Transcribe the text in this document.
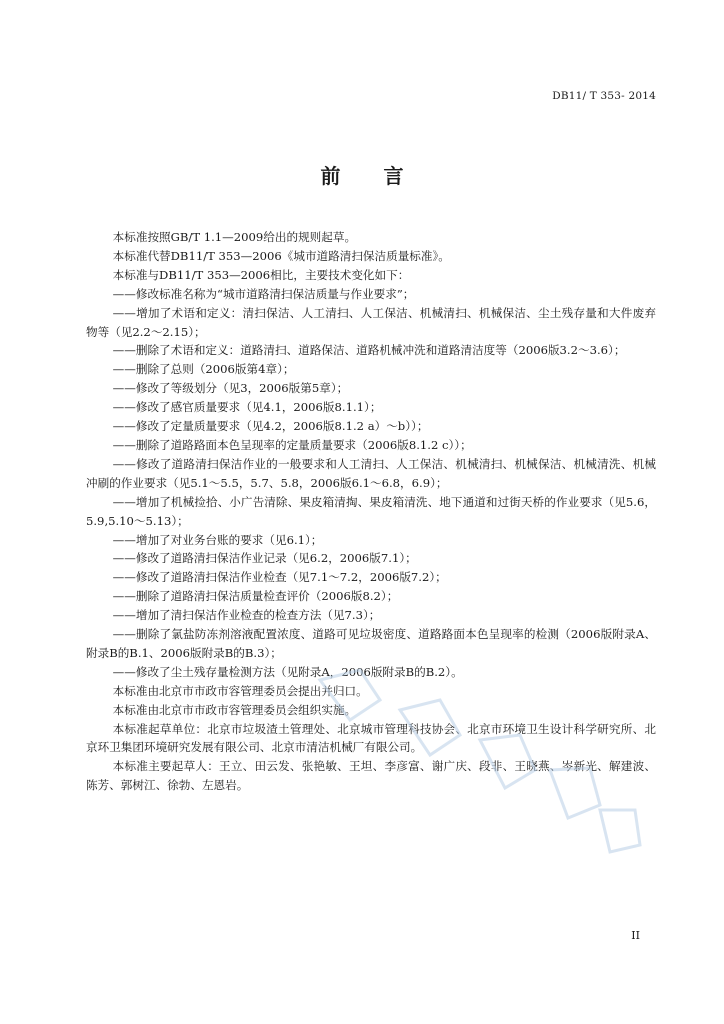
DB11/ T 353- 2014
前 言

本标准按照GB/T 1.1—2009给出的规则起草。

本标准代替DB11/T 353—2006《城市道路清扫保洁质量标准》。

本标准与DB11/T 353—2006相比，主要技术变化如下：

——修改标准名称为“城市道路清扫保洁质量与作业要求”；

——增加了术语和定义：清扫保洁、人工清扫、人工保洁、机械清扫、机械保洁、尘土残存量和大件废弃物等（见2.2～2.15）；

——删除了术语和定义：道路清扫、道路保洁、道路机械冲洗和道路清洁度等（2006版3.2～3.6）；

——删除了总则（2006版第4章）；

——修改了等级划分（见3，2006版第5章）；

——修改了感官质量要求（见4.1，2006版8.1.1）；

——修改了定量质量要求（见4.2，2006版8.1.2 a）～b））；

——删除了道路路面本色呈现率的定量质量要求（2006版8.1.2 c））；

——修改了道路清扫保洁作业的一般要求和人工清扫、人工保洁、机械清扫、机械保洁、机械清洗、机械冲刷的作业要求（见5.1～5.5，5.7、5.8，2006版6.1～6.8，6.9）；

——增加了机械捡拾、小广告清除、果皮箱清掏、果皮箱清洗、地下通道和过街天桥的作业要求（见5.6，5.9,5.10～5.13）；

——增加了对业务台账的要求（见6.1）；

——修改了道路清扫保洁作业记录（见6.2，2006版7.1）；

——修改了道路清扫保洁作业检查（见7.1～7.2，2006版7.2）；

——删除了道路清扫保洁质量检查评价（2006版8.2）；

——增加了清扫保洁作业检查的检查方法（见7.3）；

——删除了氯盐防冻剂溶液配置浓度、道路可见垃圾密度、道路路面本色呈现率的检测（2006版附录A、附录B的B.1、2006版附录B的B.3）；

——修改了尘土残存量检测方法（见附录A，2006版附录B的B.2）。

本标准由北京市市政市容管理委员会提出并归口。

本标准由北京市市政市容管理委员会组织实施。

本标准起草单位：北京市垃圾渣土管理处、北京城市管理科技协会、北京市环境卫生设计科学研究所、北京环卫集团环境研究发展有限公司、北京市清洁机械厂有限公司。

本标准主要起草人：王立、田云发、张艳敏、王坦、李彦富、谢广庆、段非、王晓燕、岑新光、解建波、陈芳、郭树江、徐勃、左恩岩。

II
